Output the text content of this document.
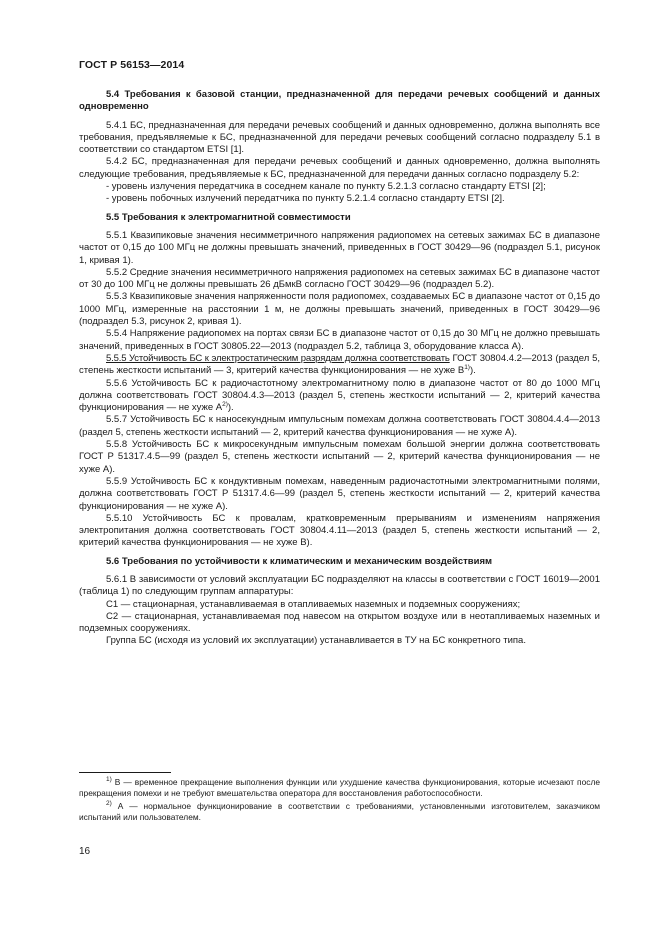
ГОСТ Р 56153—2014

5.4 Требования к базовой станции, предназначенной для передачи речевых сообщений и данных одновременно

5.4.1 БС, предназначенная для передачи речевых сообщений и данных одновременно, должна выполнять все требования, предъявляемые к БС, предназначенной для передачи речевых сообщений согласно подразделу 5.1 в соответствии со стандартом ETSI [1].

5.4.2 БС, предназначенная для передачи речевых сообщений и данных одновременно, должна выполнять следующие требования, предъявляемые к БС, предназначенной для передачи данных согласно подразделу 5.2:

- уровень излучения передатчика в соседнем канале по пункту 5.2.1.3 согласно стандарту ETSI [2];

- уровень побочных излучений передатчика по пункту 5.2.1.4 согласно стандарту ETSI [2].

5.5 Требования к электромагнитной совместимости

5.5.1 Квазипиковые значения несимметричного напряжения радиопомех на сетевых зажимах БС в диапазоне частот от 0,15 до 100 МГц не должны превышать значений, приведенных в ГОСТ 30429—96 (подраздел 5.1, рисунок 1, кривая 1).

5.5.2 Средние значения несимметричного напряжения радиопомех на сетевых зажимах БС в диапазоне частот от 30 до 100 МГц не должны превышать 26 дБмкВ согласно ГОСТ 30429—96 (подраздел 5.2).

5.5.3 Квазипиковые значения напряженности поля радиопомех, создаваемых БС в диапазоне частот от 0,15 до 1000 МГц, измеренные на расстоянии 1 м, не должны превышать значений, приведенных в ГОСТ 30429—96 (подраздел 5.3, рисунок 2, кривая 1).

5.5.4 Напряжение радиопомех на портах связи БС в диапазоне частот от 0,15 до 30 МГц не должно превышать значений, приведенных в ГОСТ 30805.22—2013 (подраздел 5.2, таблица 3, оборудование класса А).

5.5.5 Устойчивость БС к электростатическим разрядам должна соответствовать ГОСТ 30804.4.2—2013 (раздел 5, степень жесткости испытаний — 3, критерий качества функционирования — не хуже $В^{1)}$).

5.5.6 Устойчивость БС к радиочастотному электромагнитному полю в диапазоне частот от 80 до 1000 МГц должна соответствовать ГОСТ 30804.4.3—2013 (раздел 5, степень жесткости испытаний — 2, критерий качества функционирования — не хуже $А^{2)}$).

5.5.7 Устойчивость БС к наносекундным импульсным помехам должна соответствовать ГОСТ 30804.4.4—2013 (раздел 5, степень жесткости испытаний — 2, критерий качества функционирования — не хуже А).

5.5.8 Устойчивость БС к микросекундным импульсным помехам большой энергии должна соответствовать ГОСТ Р 51317.4.5—99 (раздел 5, степень жесткости испытаний — 2, критерий качества функционирования — не хуже А).

5.5.9 Устойчивость БС к кондуктивным помехам, наведенным радиочастотными электромагнитными полями, должна соответствовать ГОСТ Р 51317.4.6—99 (раздел 5, степень жесткости испытаний — 2, критерий качества функционирования — не хуже А).

5.5.10 Устойчивость БС к провалам, кратковременным прерываниям и изменениям напряжения электропитания должна соответствовать ГОСТ 30804.4.11—2013 (раздел 5, степень жесткости испытаний — 2, критерий качества функционирования — не хуже В).

5.6 Требования по устойчивости к климатическим и механическим воздействиям

5.6.1 В зависимости от условий эксплуатации БС подразделяют на классы в соответствии с ГОСТ 16019—2001 (таблица 1) по следующим группам аппаратуры:

С1 — стационарная, устанавливаемая в отапливаемых наземных и подземных сооружениях;

С2 — стационарная, устанавливаемая под навесом на открытом воздухе или в неотапливаемых наземных и подземных сооружениях.

Группа БС (исходя из условий их эксплуатации) устанавливается в ТУ на БС конкретного типа.

$^{1)}$ В — временное прекращение выполнения функции или ухудшение качества функционирования, которые исчезают после прекращения помехи и не требуют вмешательства оператора для восстановления работоспособности.

$^{2)}$ А — нормальное функционирование в соответствии с требованиями, установленными изготовителем, заказчиком испытаний или пользователем.

16
